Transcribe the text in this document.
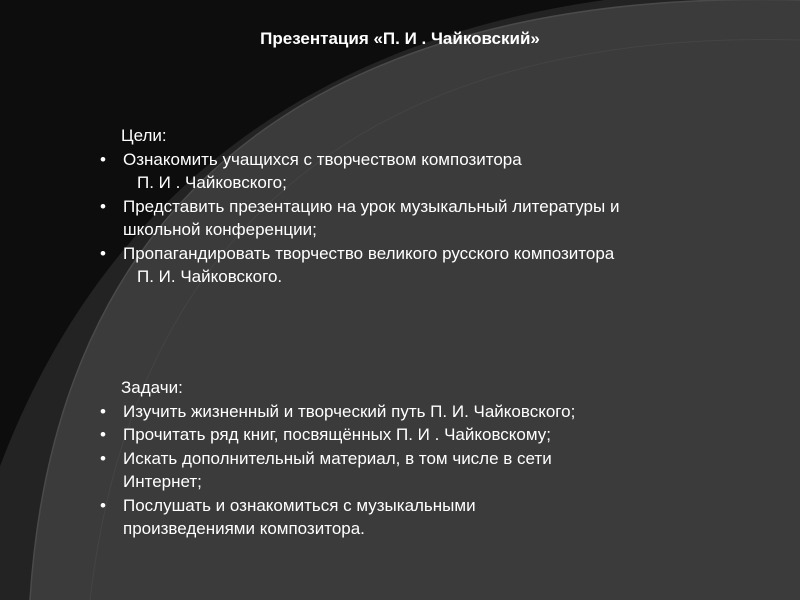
Презентация «П. И . Чайковский»
Цели:
• Ознакомить учащихся с творчеством композитора
П. И . Чайковского;
• Представить презентацию на урок музыкальный литературы и
школьной конференции;
• Пропагандировать творчество великого русского композитора
П. И. Чайковского.
Задачи:
• Изучить жизненный и творческий путь П. И. Чайковского;
• Прочитать ряд книг, посвящённых П. И . Чайковскому;
• Искать дополнительный материал, в том числе в сети
Интернет;
• Послушать и ознакомиться с музыкальными
произведениями композитора.
